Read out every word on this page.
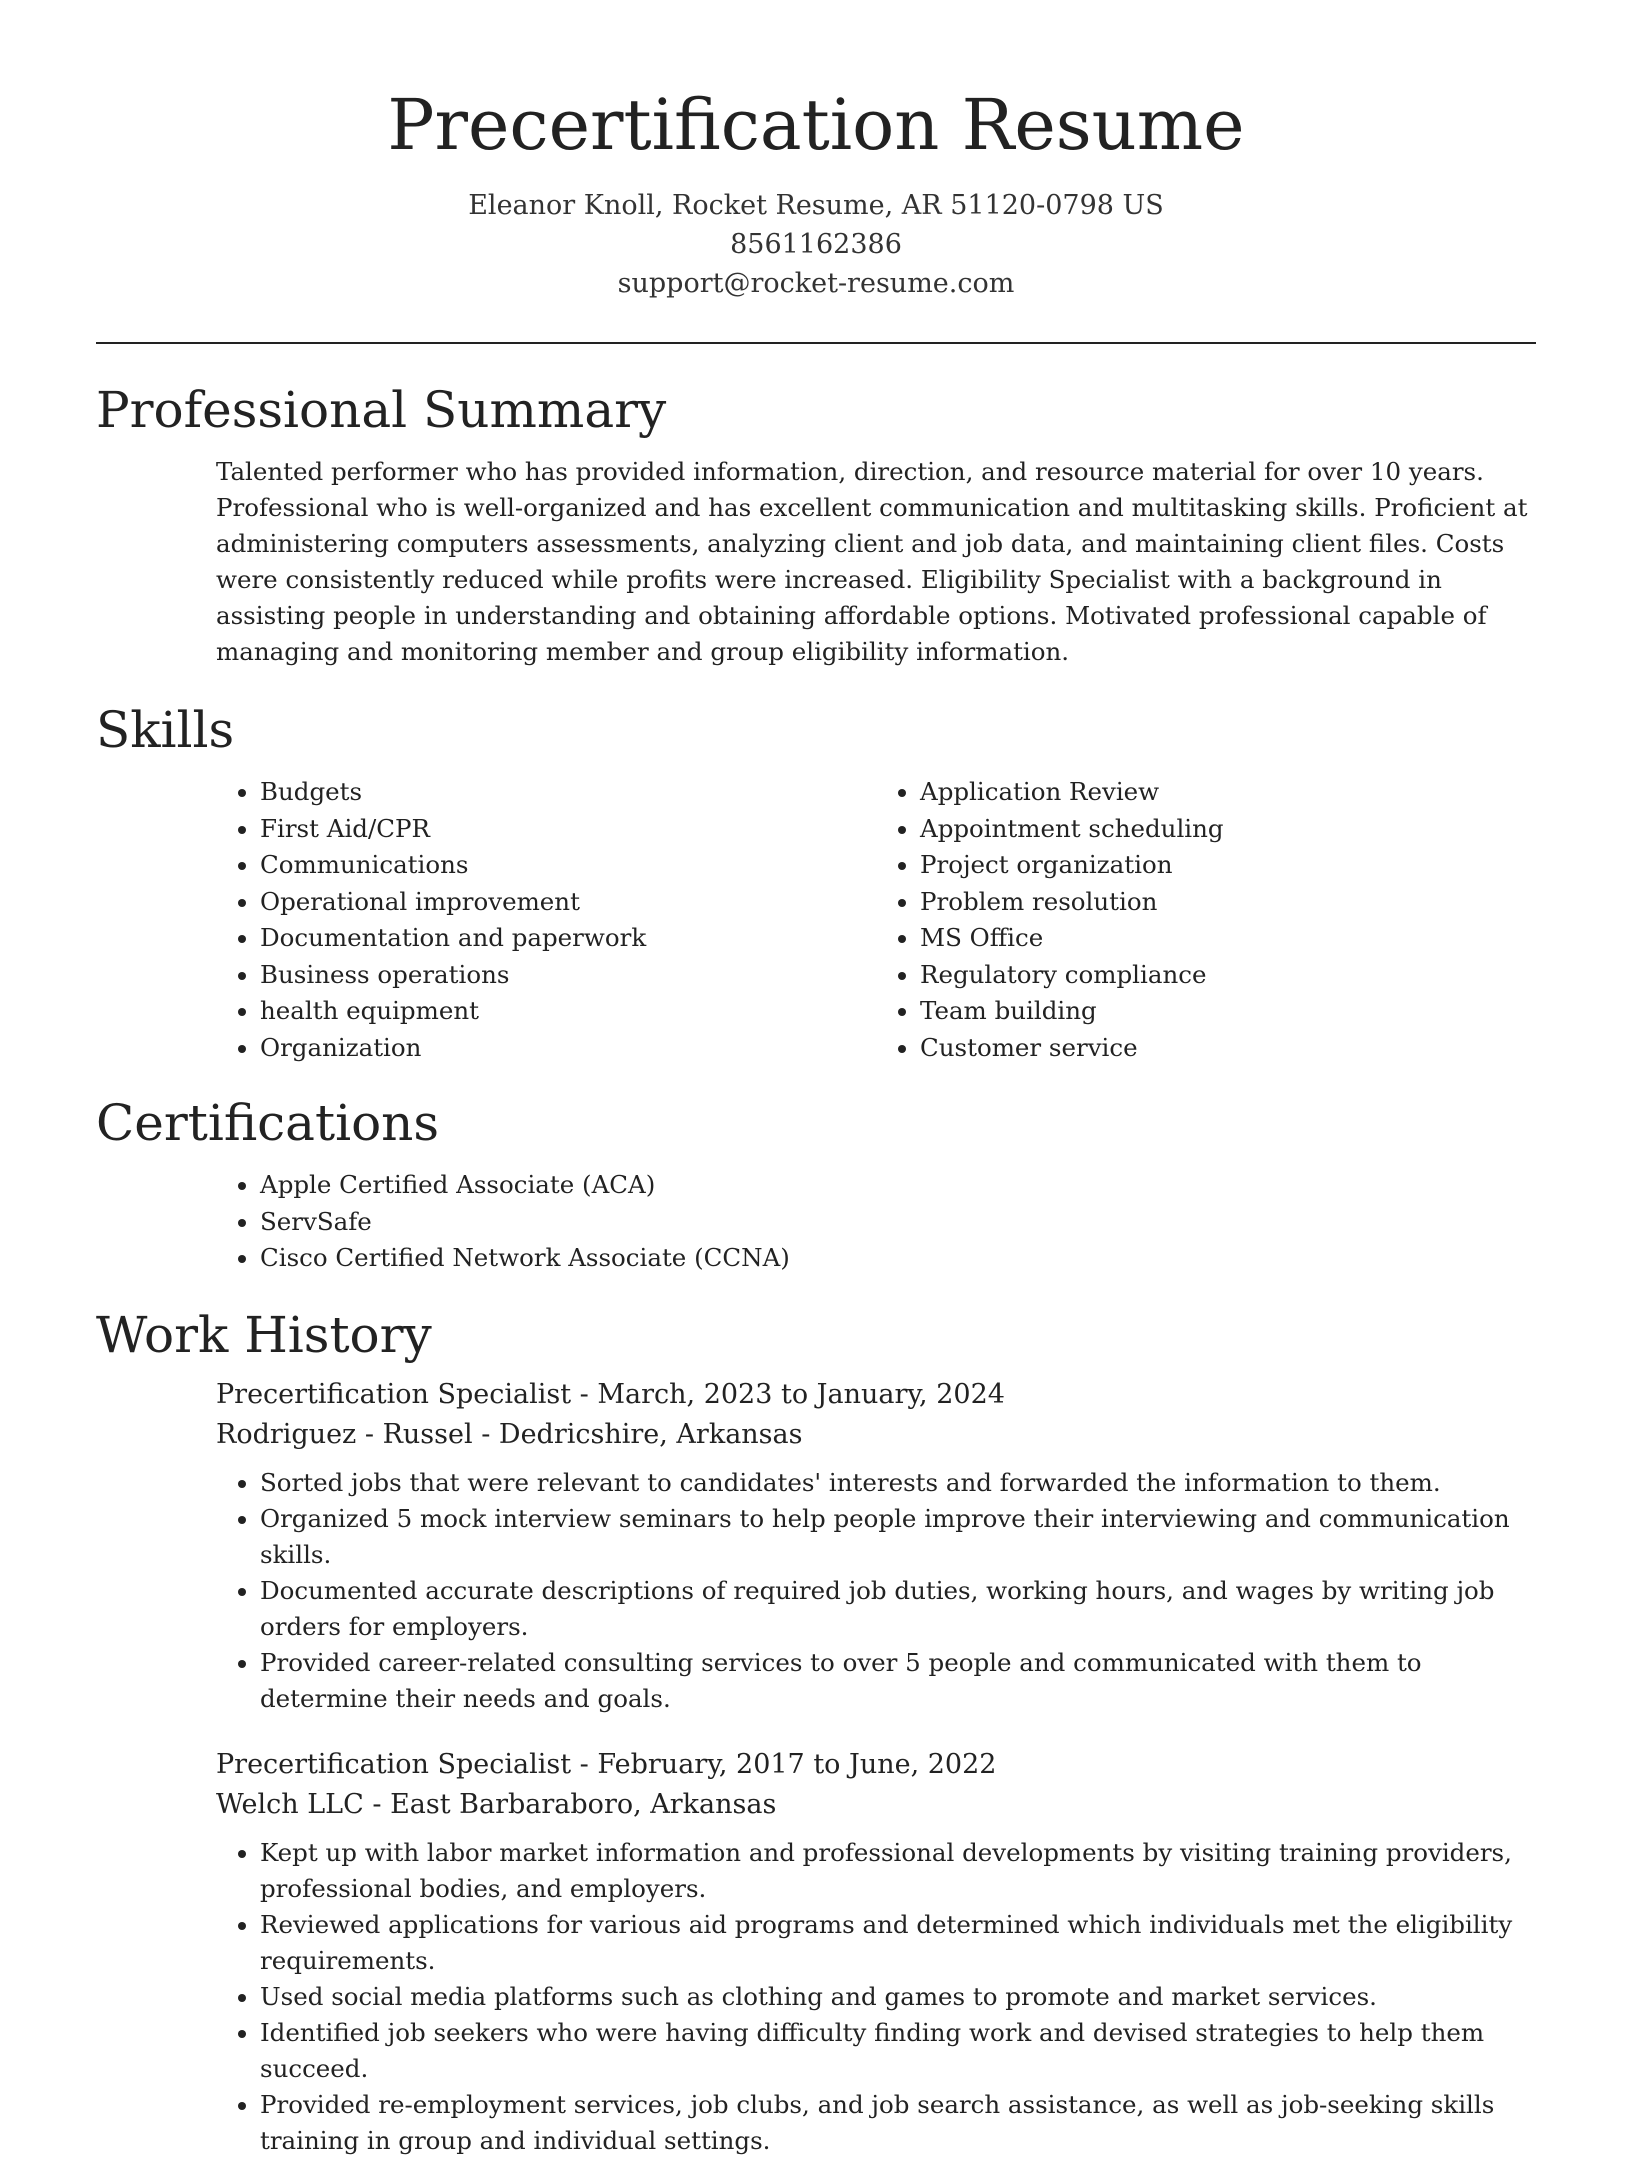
Precertification Resume
Eleanor Knoll, Rocket Resume, AR 51120-0798 US
8561162386
support@rocket-resume.com
Professional Summary

Talented performer who has provided information, direction, and resource material for over 10 years. Professional who is well-organized and has excellent communication and multitasking skills. Proficient at administering computers assessments, analyzing client and job data, and maintaining client files. Costs were consistently reduced while profits were increased. Eligibility Specialist with a background in assisting people in understanding and obtaining affordable options. Motivated professional capable of managing and monitoring member and group eligibility information.

Skills
• Budgets
• First Aid/CPR
• Communications
• Operational improvement
• Documentation and paperwork
• Business operations
• health equipment
• Organization
• Application Review
• Appointment scheduling
• Project organization
• Problem resolution
• MS Office
• Regulatory compliance
• Team building
• Customer service
Certifications
• Apple Certified Associate (ACA)
• ServSafe
• Cisco Certified Network Associate (CCNA)
Work History
Precertification Specialist - March, 2023 to January, 2024
Rodriguez - Russel - Dedricshire, Arkansas
• Sorted jobs that were relevant to candidates' interests and forwarded the information to them.
• Organized 5 mock interview seminars to help people improve their interviewing and communication skills.
• Documented accurate descriptions of required job duties, working hours, and wages by writing job orders for employers.
• Provided career-related consulting services to over 5 people and communicated with them to determine their needs and goals.
Precertification Specialist - February, 2017 to June, 2022
Welch LLC - East Barbaraboro, Arkansas
• Kept up with labor market information and professional developments by visiting training providers, professional bodies, and employers.
• Reviewed applications for various aid programs and determined which individuals met the eligibility requirements.
• Used social media platforms such as clothing and games to promote and market services.
• Identified job seekers who were having difficulty finding work and devised strategies to help them succeed.
• Provided re-employment services, job clubs, and job search assistance, as well as job-seeking skills training in group and individual settings.
